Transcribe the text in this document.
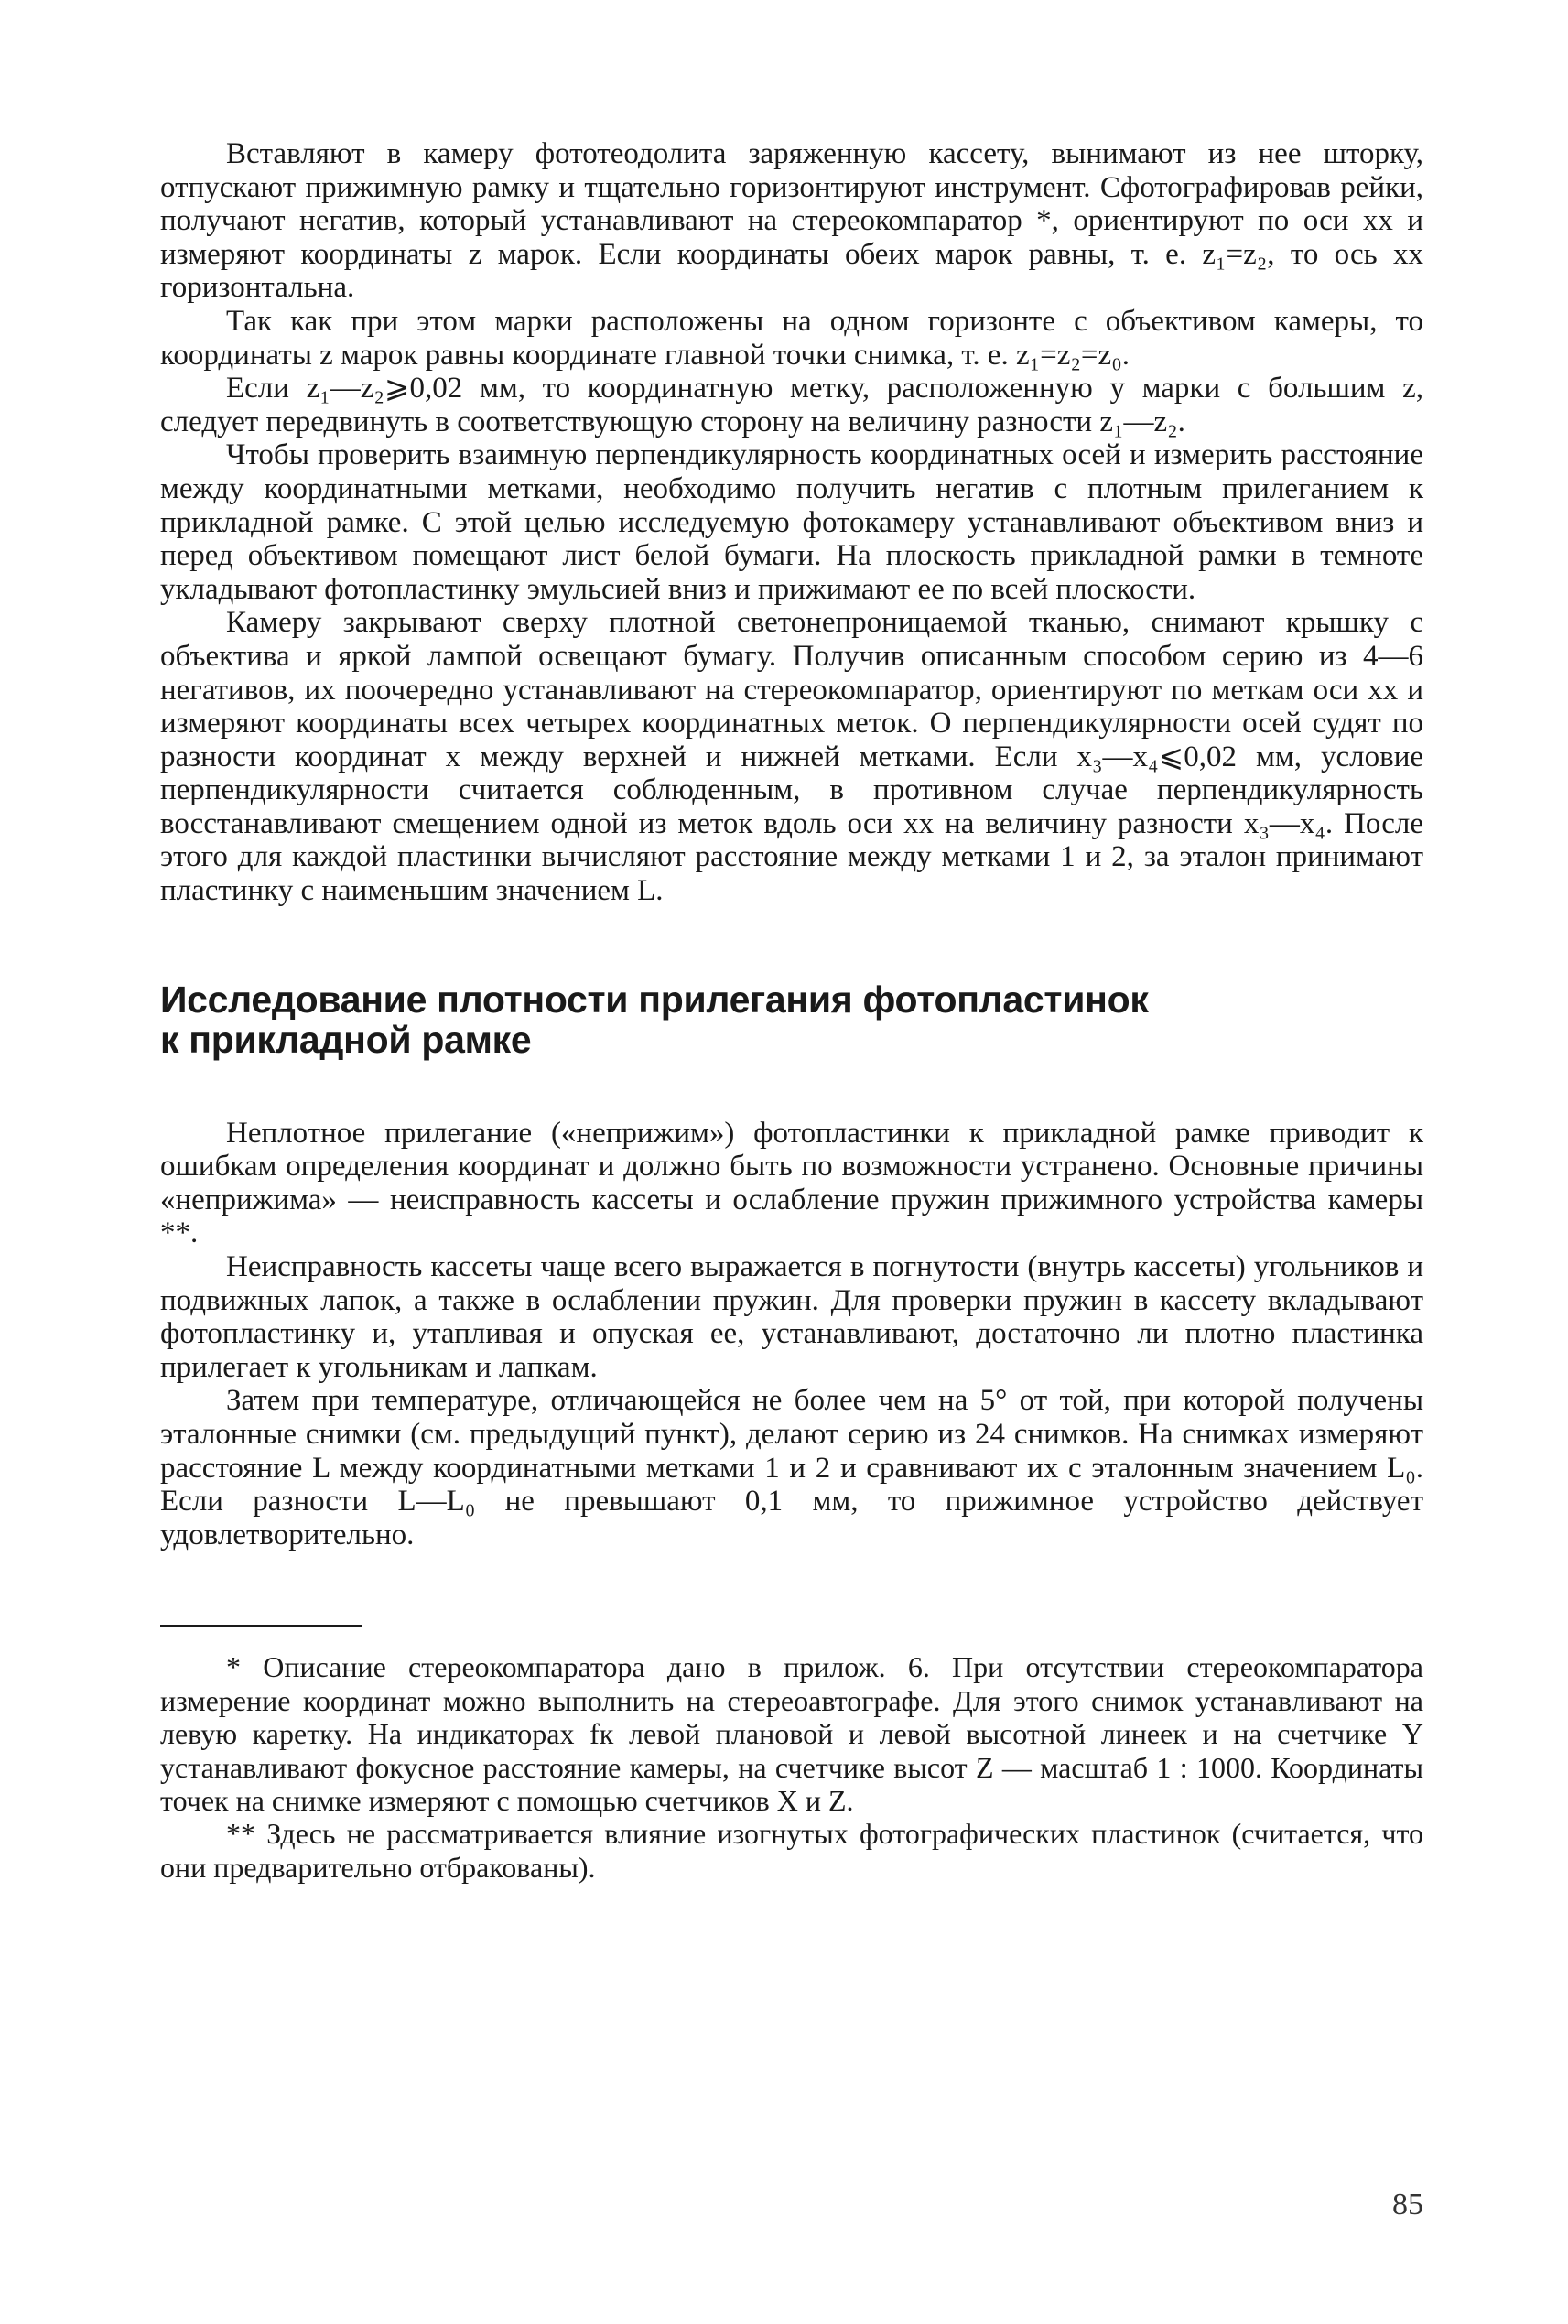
Вставляют в камеру фототеодолита заряженную кассету, вынимают из нее шторку, отпускают прижимную рамку и тщательно горизонтируют инструмент. Сфотографировав рейки, получают негатив, который устанавливают на стереокомпаратор *, ориентируют по оси xx и измеряют координаты z марок. Если координаты обеих марок равны, т. е. z₁=z₂, то ось xx горизонтальна.

Так как при этом марки расположены на одном горизонте с объективом камеры, то координаты z марок равны координате главной точки снимка, т. е. z₁=z₂=z₀.

Если z₁—z₂⩾0,02 мм, то координатную метку, расположенную у марки с большим z, следует передвинуть в соответствующую сторону на величину разности z₁—z₂.

Чтобы проверить взаимную перпендикулярность координатных осей и измерить расстояние между координатными метками, необходимо получить негатив с плотным прилеганием к прикладной рамке. С этой целью исследуемую фотокамеру устанавливают объективом вниз и перед объективом помещают лист белой бумаги. На плоскость прикладной рамки в темноте укладывают фотопластинку эмульсией вниз и прижимают ее по всей плоскости.

Камеру закрывают сверху плотной светонепроницаемой тканью, снимают крышку с объектива и яркой лампой освещают бумагу. Получив описанным способом серию из 4—6 негативов, их поочередно устанавливают на стереокомпаратор, ориентируют по меткам оси xx и измеряют координаты всех четырех координатных меток. О перпендикулярности осей судят по разности координат x между верхней и нижней метками. Если x₃—x₄⩽0,02 мм, условие перпендикулярности считается соблюденным, в противном случае перпендикулярность восстанавливают смещением одной из меток вдоль оси xx на величину разности x₃—x₄. После этого для каждой пластинки вычисляют расстояние между метками 1 и 2, за эталон принимают пластинку с наименьшим значением L.

Исследование плотности прилегания фотопластинок
к прикладной рамке

Неплотное прилегание («неприжим») фотопластинки к прикладной рамке приводит к ошибкам определения координат и должно быть по возможности устранено. Основные причины «неприжима» — неисправность кассеты и ослабление пружин прижимного устройства камеры **.

Неисправность кассеты чаще всего выражается в погнутости (внутрь кассеты) угольников и подвижных лапок, а также в ослаблении пружин. Для проверки пружин в кассету вкладывают фотопластинку и, утапливая и опуская ее, устанавливают, достаточно ли плотно пластинка прилегает к угольникам и лапкам.

Затем при температуре, отличающейся не более чем на 5° от той, при которой получены эталонные снимки (см. предыдущий пункт), делают серию из 24 снимков. На снимках измеряют расстояние L между координатными метками 1 и 2 и сравнивают их с эталонным значением L₀. Если разности L—L₀ не превышают 0,1 мм, то прижимное устройство действует удовлетворительно.

* Описание стереокомпаратора дано в прилож. 6. При отсутствии стереокомпаратора измерение координат можно выполнить на стереоавтографе. Для этого снимок устанавливают на левую каретку. На индикаторах fк левой плановой и левой высотной линеек и на счетчике Y устанавливают фокусное расстояние камеры, на счетчике высот Z — масштаб 1 : 1000. Координаты точек на снимке измеряют с помощью счетчиков X и Z.

** Здесь не рассматривается влияние изогнутых фотографических пластинок (считается, что они предварительно отбракованы).

85
